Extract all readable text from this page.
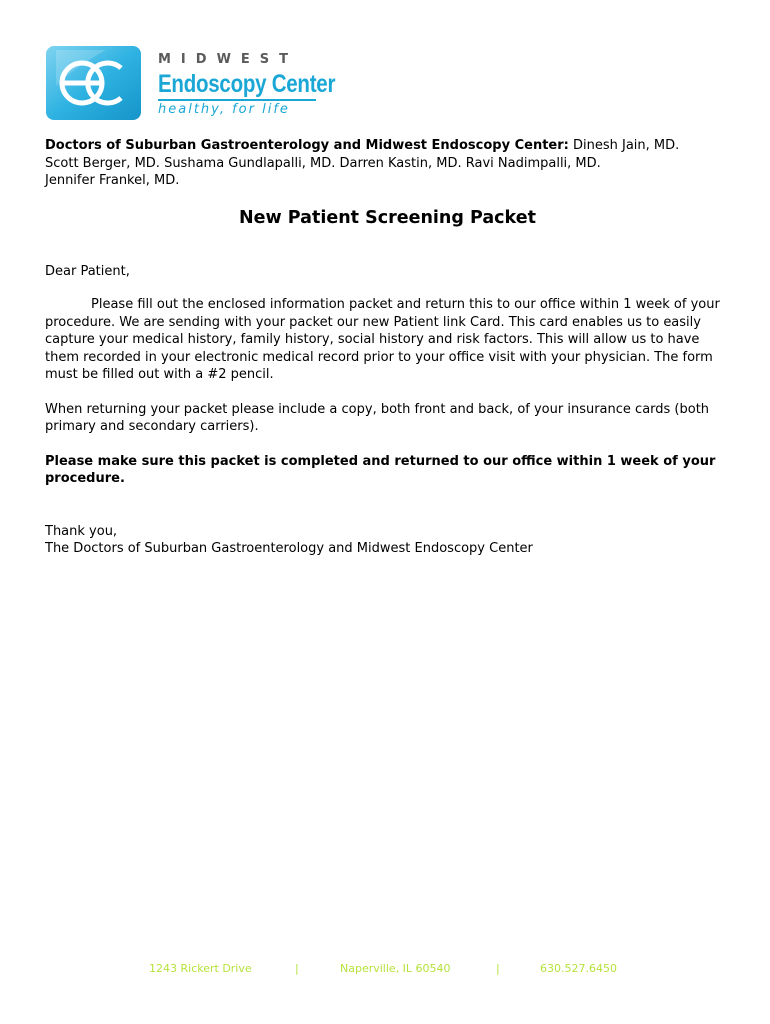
MIDWEST
Endoscopy Center
healthy, for life
Doctors of Suburban Gastroenterology and Midwest Endoscopy Center: Dinesh Jain, MD.
Scott Berger, MD. Sushama Gundlapalli, MD. Darren Kastin, MD. Ravi Nadimpalli, MD.
Jennifer Frankel, MD.
New Patient Screening Packet

Dear Patient,

Please fill out the enclosed information packet and return this to our office within 1 week of your procedure. We are sending with your packet our new Patient link Card. This card enables us to easily capture your medical history, family history, social history and risk factors. This will allow us to have them recorded in your electronic medical record prior to your office visit with your physician. The form must be filled out with a #2 pencil.

When returning your packet please include a copy, both front and back, of your insurance cards (both primary and secondary carriers).

Please make sure this packet is completed and returned to our office within 1 week of your procedure.

Thank you,

The Doctors of Suburban Gastroenterology and Midwest Endoscopy Center

1243 Rickert Drive	|	Naperville, IL 60540	|	630.527.6450
